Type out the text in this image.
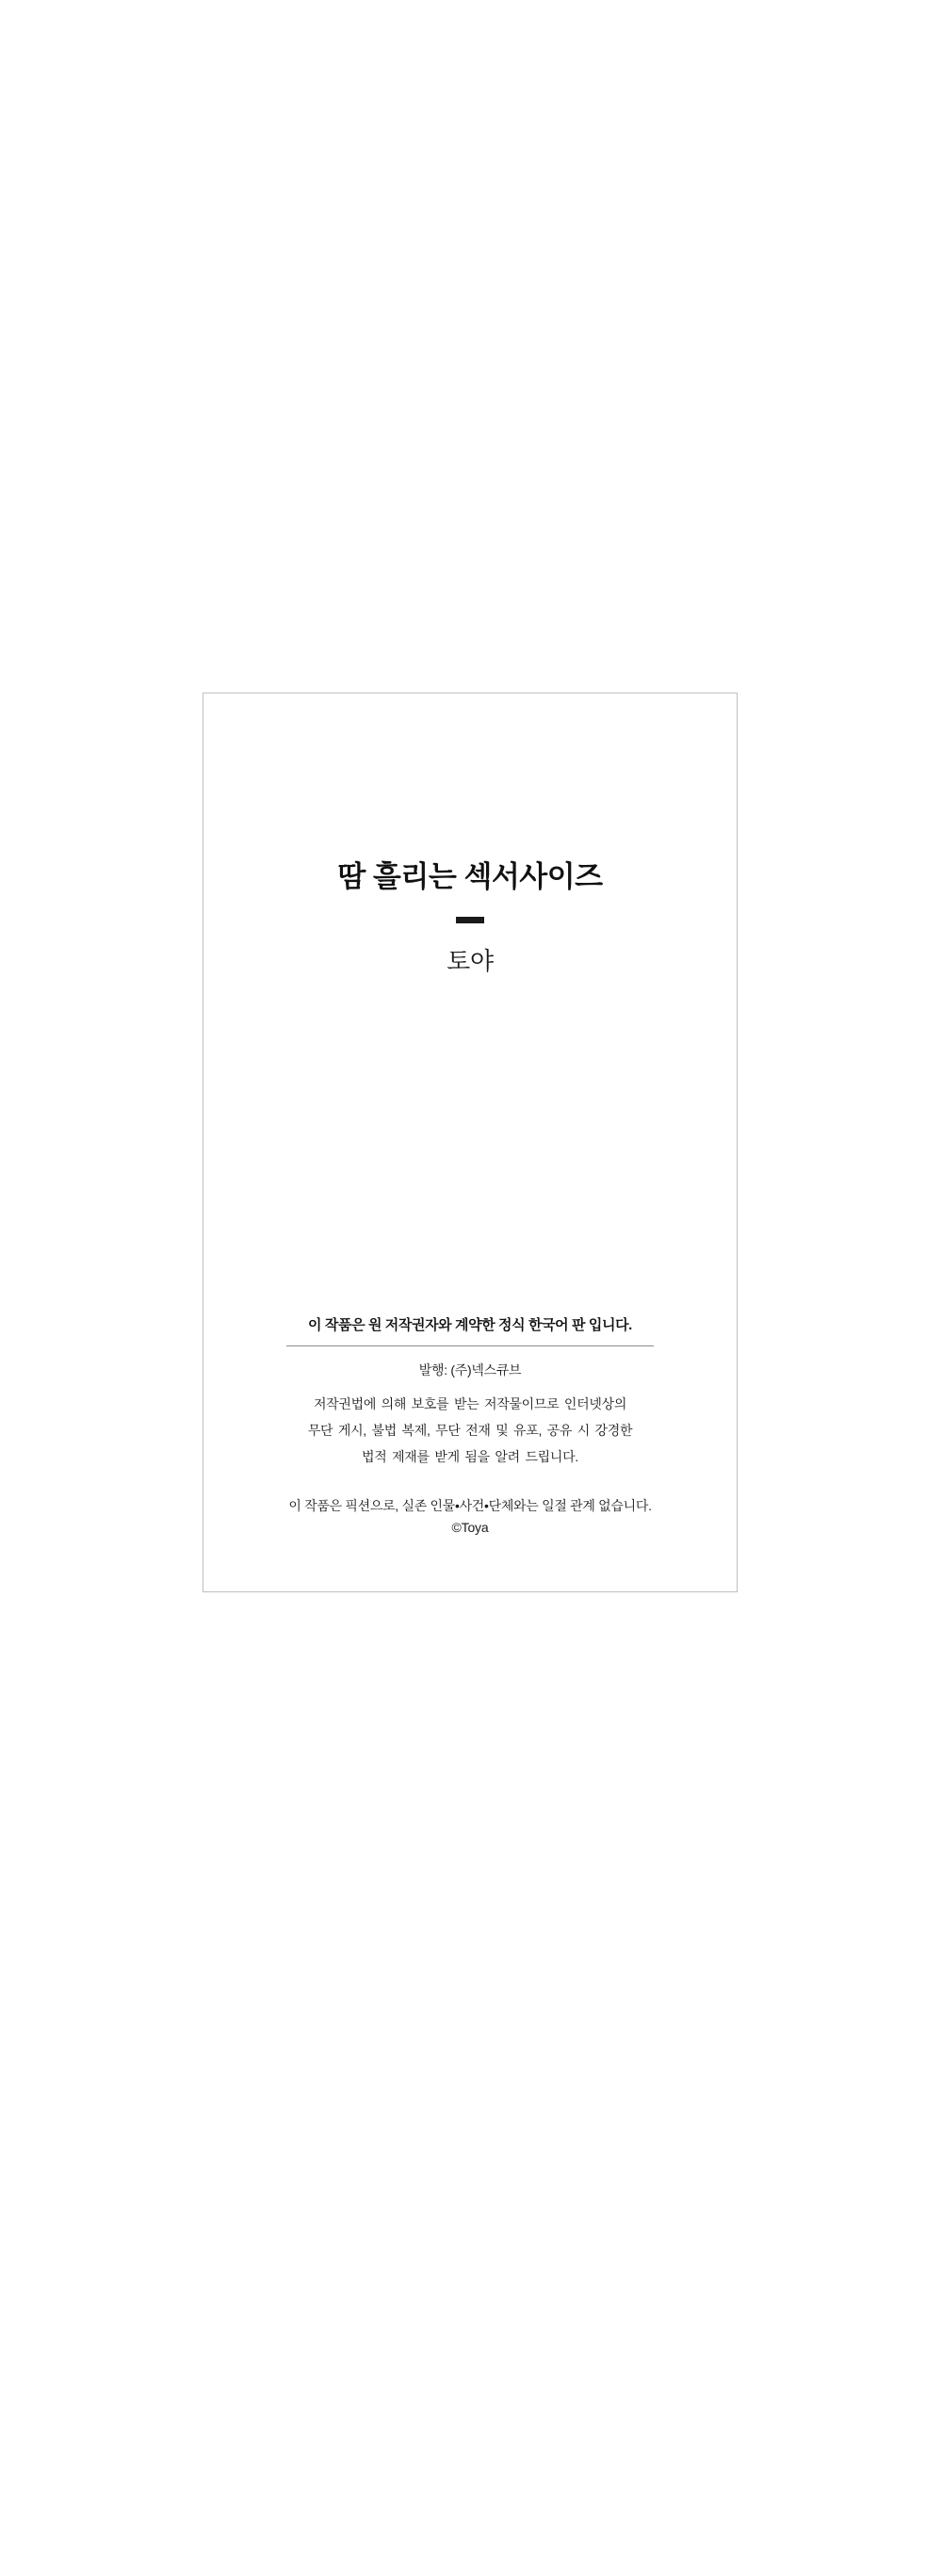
땀 흘리는 섹서사이즈

토야

이 작품은 원 저작권자와 계약한 정식 한국어 판 입니다.

발행: (주)넥스큐브

저작권법에 의해 보호를 받는 저작물이므로 인터넷상의
무단 게시, 불법 복제, 무단 전재 및 유포, 공유 시 강경한
법적 제재를 받게 됨을 알려 드립니다.

이 작품은 픽션으로, 실존 인물•사건•단체와는 일절 관계 없습니다.

©Toya
